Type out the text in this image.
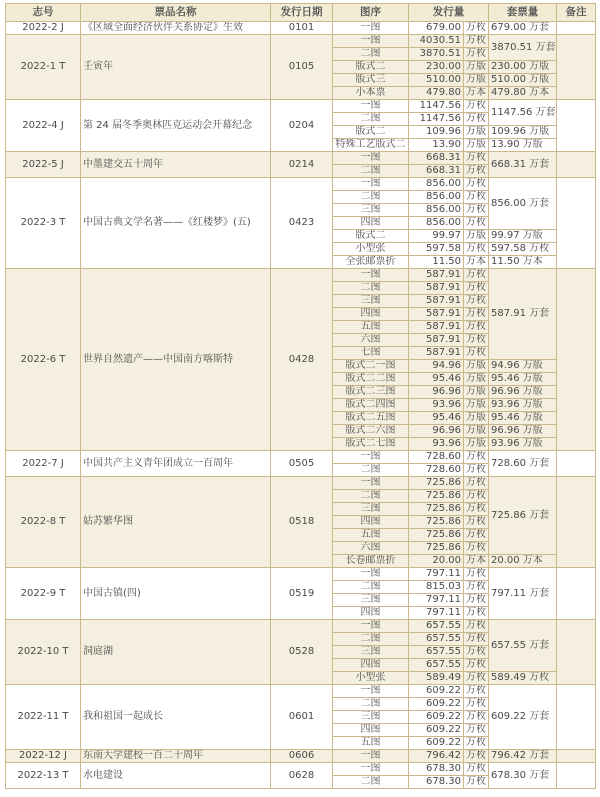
志号	票品名称	发行日期	图序	发行量		套票量	备注
2022-2 J	《区域全面经济伙伴关系协定》生效	0101	一图	679.00	万枚	679.00 万套	
2022-1 T	壬寅年	0105	一图	4030.51	万枚	3870.51 万套	
			二图	3870.51	万枚		
			版式二	230.00	万版	230.00 万版	
			版式三	510.00	万版	510.00 万版	
			小本票	479.80	万本	479.80 万本	
2022-4 J	第 24 届冬季奥林匹克运动会开幕纪念	0204	一图	1147.56	万枚	1147.56 万套	
			二图	1147.56	万枚		
			版式二	109.96	万版	109.96 万版	
			特殊工艺版式二	13.90	万版	13.90 万版	
2022-5 J	中墨建交五十周年	0214	一图	668.31	万枚	668.31 万套	
			二图	668.31	万枚		
2022-3 T	中国古典文学名著——《红楼梦》(五)	0423	一图	856.00	万枚	856.00 万套	
			二图	856.00	万枚		
			三图	856.00	万枚		
			四图	856.00	万枚		
			版式二	99.97	万版	99.97 万版	
			小型张	597.58	万枚	597.58 万枚	
			全张邮票折	11.50	万本	11.50 万本	
2022-6 T	世界自然遗产——中国南方喀斯特	0428	一图	587.91	万枚	587.91 万套	
			二图	587.91	万枚		
			三图	587.91	万枚		
			四图	587.91	万枚		
			五图	587.91	万枚		
			六图	587.91	万枚		
			七图	587.91	万枚		
			版式二一图	94.96	万版	94.96 万版	
			版式二二图	95.46	万版	95.46 万版	
			版式二三图	96.96	万版	96.96 万版	
			版式二四图	93.96	万版	93.96 万版	
			版式二五图	95.46	万版	95.46 万版	
			版式二六图	96.96	万版	96.96 万版	
			版式二七图	93.96	万版	93.96 万版	
2022-7 J	中国共产主义青年团成立一百周年	0505	一图	728.60	万枚	728.60 万套	
			二图	728.60	万枚		
2022-8 T	姑苏繁华图	0518	一图	725.86	万枚	725.86 万套	
			二图	725.86	万枚		
			三图	725.86	万枚		
			四图	725.86	万枚		
			五图	725.86	万枚		
			六图	725.86	万枚		
			长卷邮票折	20.00	万本	20.00 万本	
2022-9 T	中国古镇(四)	0519	一图	797.11	万枚	797.11 万套	
			二图	815.03	万枚		
			三图	797.11	万枚		
			四图	797.11	万枚		
2022-10 T	洞庭湖	0528	一图	657.55	万枚	657.55 万套	
			二图	657.55	万枚		
			三图	657.55	万枚		
			四图	657.55	万枚		
			小型张	589.49	万枚	589.49 万枚	
2022-11 T	我和祖国一起成长	0601	一图	609.22	万枚	609.22 万套	
			二图	609.22	万枚		
			三图	609.22	万枚		
			四图	609.22	万枚		
			五图	609.22	万枚		
2022-12 J	东南大学建校一百二十周年	0606	一图	796.42	万枚	796.42 万套	
2022-13 T	水电建设	0628	一图	678.30	万枚	678.30 万套	
			二图	678.30	万枚		
